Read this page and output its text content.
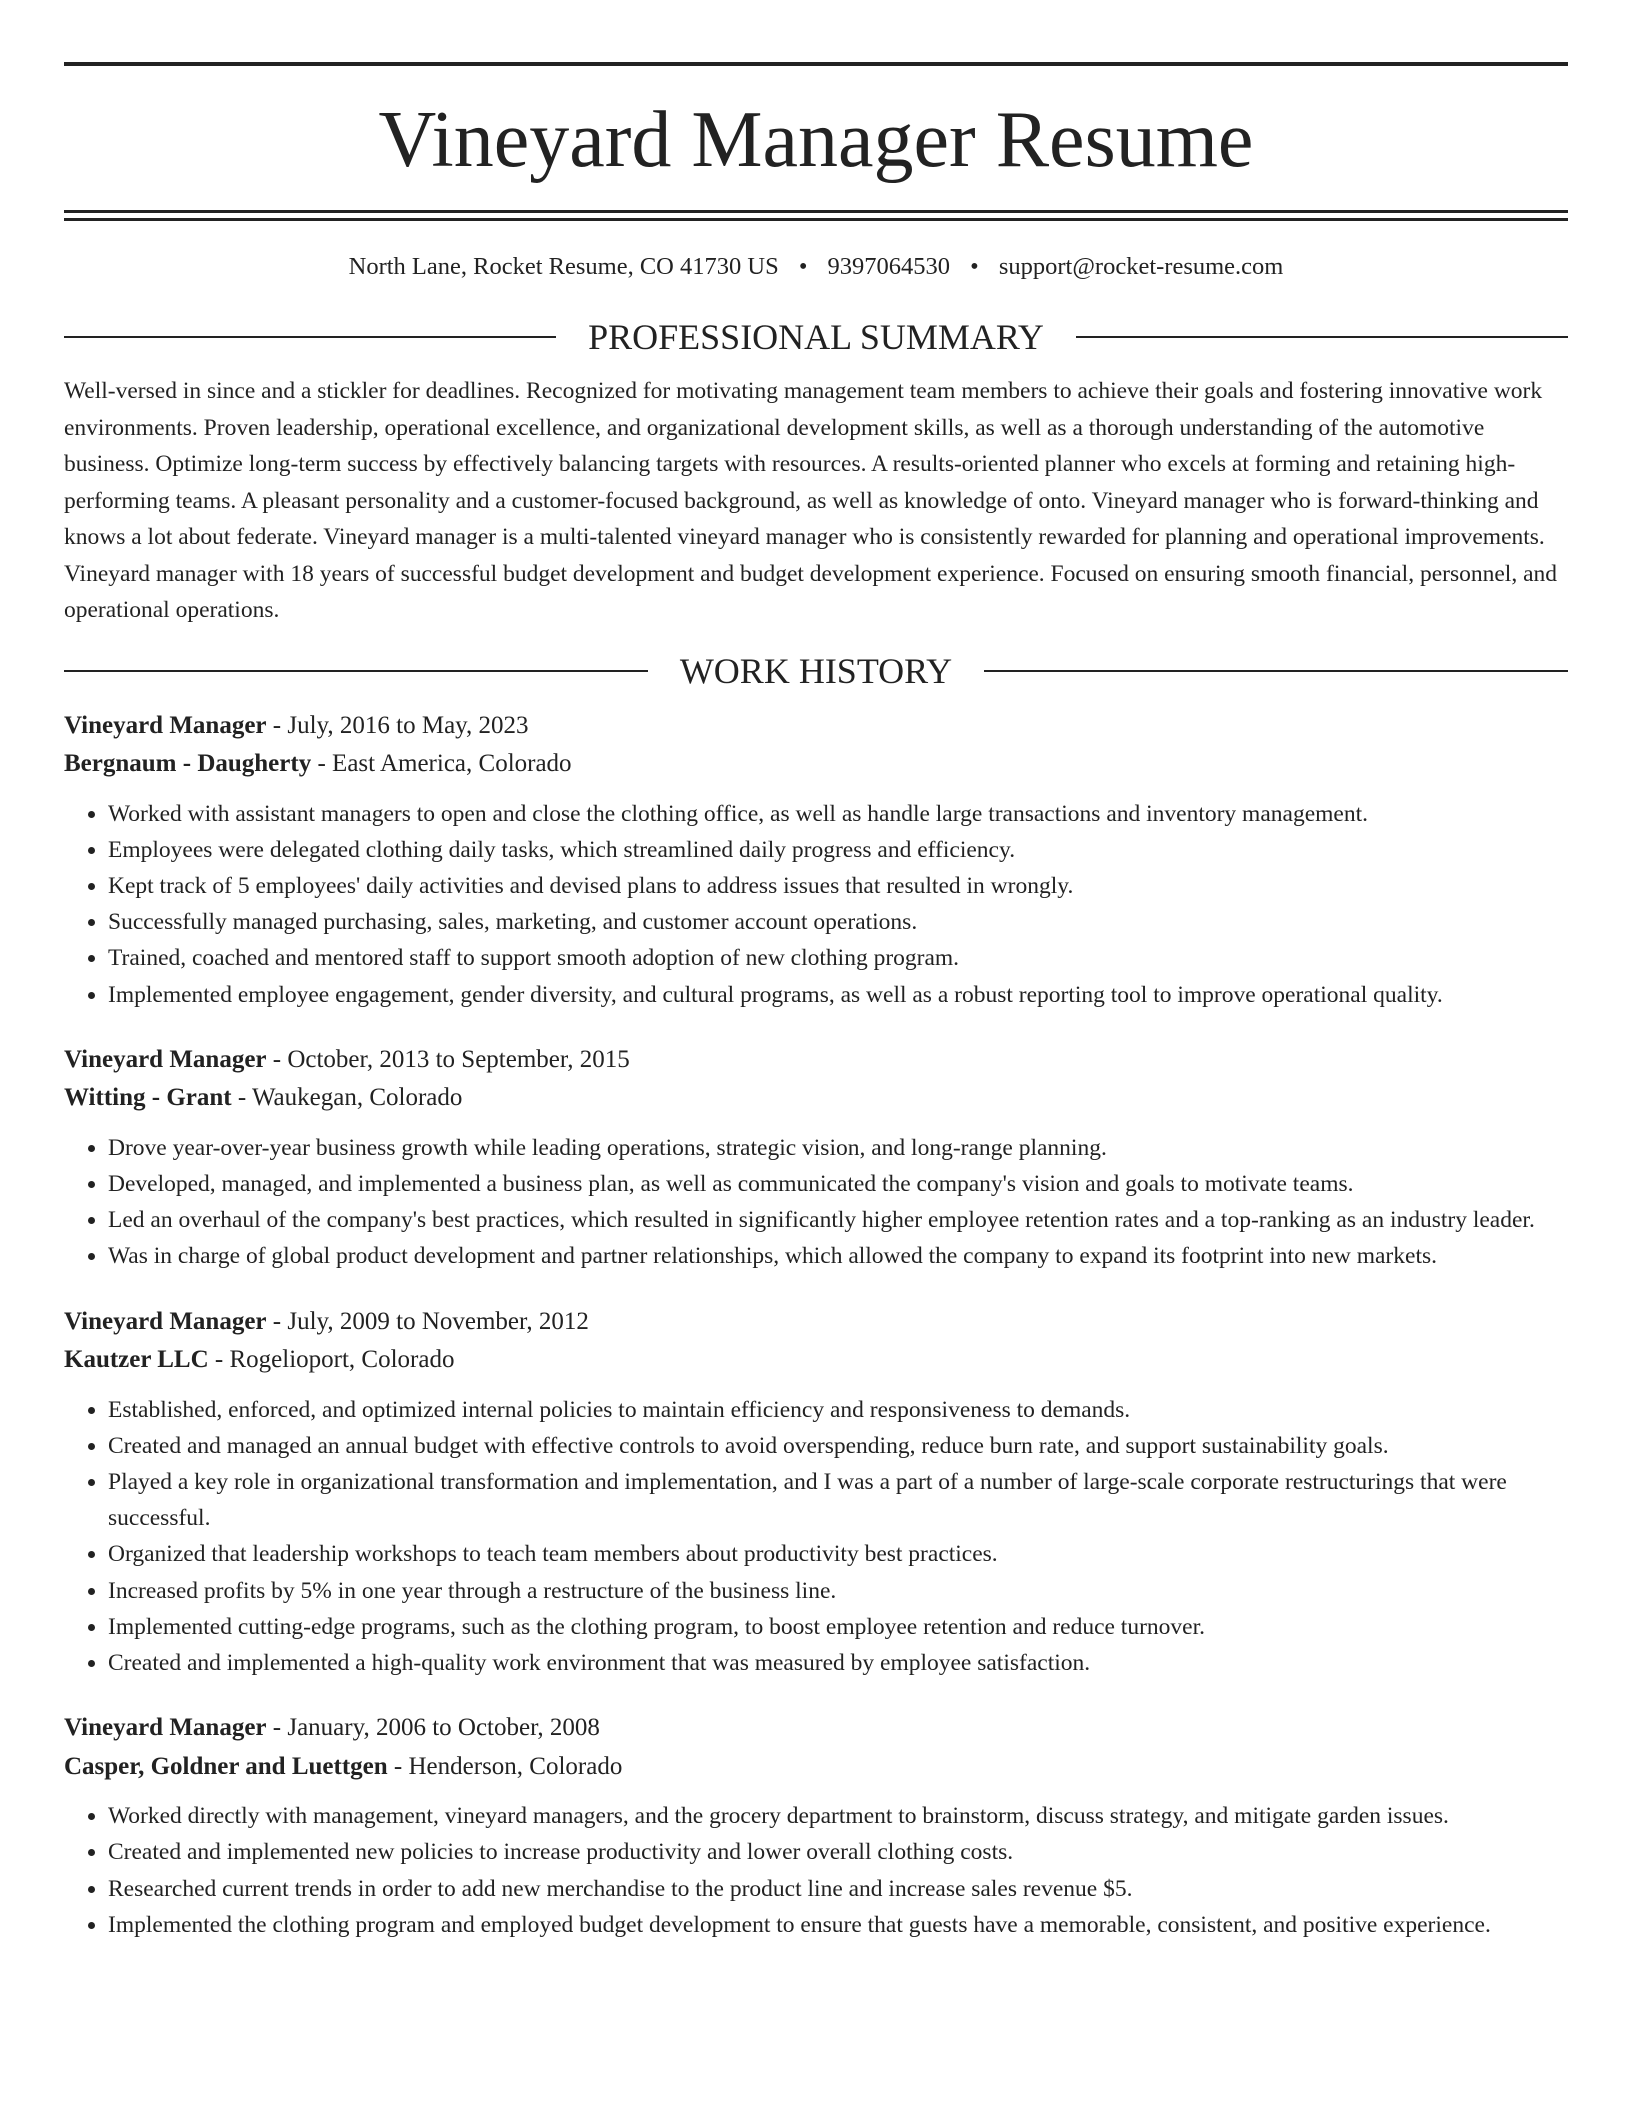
Vineyard Manager Resume
North Lane, Rocket Resume, CO 41730 US • 9397064530 • support@rocket-resume.com
PROFESSIONAL SUMMARY

Well-versed in since and a stickler for deadlines. Recognized for motivating management team members to achieve their goals and fostering innovative work environments. Proven leadership, operational excellence, and organizational development skills, as well as a thorough understanding of the automotive business. Optimize long-term success by effectively balancing targets with resources. A results-oriented planner who excels at forming and retaining high-performing teams. A pleasant personality and a customer-focused background, as well as knowledge of onto. Vineyard manager who is forward-thinking and knows a lot about federate. Vineyard manager is a multi-talented vineyard manager who is consistently rewarded for planning and operational improvements. Vineyard manager with 18 years of successful budget development and budget development experience. Focused on ensuring smooth financial, personnel, and operational operations.

WORK HISTORY
Vineyard Manager - July, 2016 to May, 2023
Bergnaum - Daugherty - East America, Colorado
• Worked with assistant managers to open and close the clothing office, as well as handle large transactions and inventory management.
• Employees were delegated clothing daily tasks, which streamlined daily progress and efficiency.
• Kept track of 5 employees' daily activities and devised plans to address issues that resulted in wrongly.
• Successfully managed purchasing, sales, marketing, and customer account operations.
• Trained, coached and mentored staff to support smooth adoption of new clothing program.
• Implemented employee engagement, gender diversity, and cultural programs, as well as a robust reporting tool to improve operational quality.
Vineyard Manager - October, 2013 to September, 2015
Witting - Grant - Waukegan, Colorado
• Drove year-over-year business growth while leading operations, strategic vision, and long-range planning.
• Developed, managed, and implemented a business plan, as well as communicated the company's vision and goals to motivate teams.
• Led an overhaul of the company's best practices, which resulted in significantly higher employee retention rates and a top-ranking as an industry leader.
• Was in charge of global product development and partner relationships, which allowed the company to expand its footprint into new markets.
Vineyard Manager - July, 2009 to November, 2012
Kautzer LLC - Rogelioport, Colorado
• Established, enforced, and optimized internal policies to maintain efficiency and responsiveness to demands.
• Created and managed an annual budget with effective controls to avoid overspending, reduce burn rate, and support sustainability goals.
• Played a key role in organizational transformation and implementation, and I was a part of a number of large-scale corporate restructurings that were successful.
• Organized that leadership workshops to teach team members about productivity best practices.
• Increased profits by 5% in one year through a restructure of the business line.
• Implemented cutting-edge programs, such as the clothing program, to boost employee retention and reduce turnover.
• Created and implemented a high-quality work environment that was measured by employee satisfaction.
Vineyard Manager - January, 2006 to October, 2008
Casper, Goldner and Luettgen - Henderson, Colorado
• Worked directly with management, vineyard managers, and the grocery department to brainstorm, discuss strategy, and mitigate garden issues.
• Created and implemented new policies to increase productivity and lower overall clothing costs.
• Researched current trends in order to add new merchandise to the product line and increase sales revenue $5.
• Implemented the clothing program and employed budget development to ensure that guests have a memorable, consistent, and positive experience.
